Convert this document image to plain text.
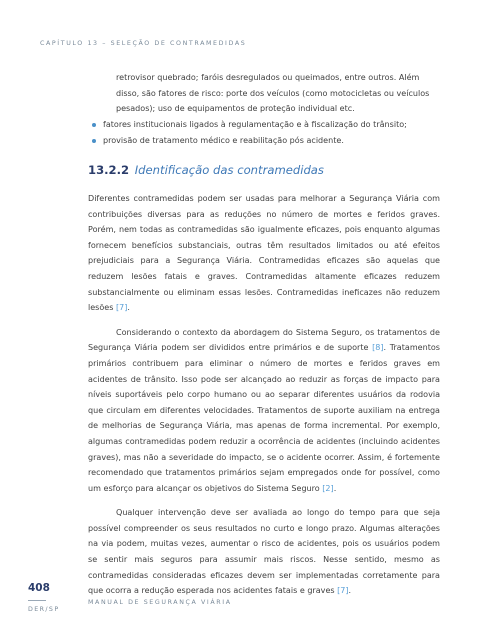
CAPÍTULO 13 – SELEÇÃO DE CONTRAMEDIDAS

retrovisor quebrado; faróis desregulados ou queimados, entre outros. Além disso, são fatores de risco: porte dos veículos (como motocicletas ou veículos pesados); uso de equipamentos de proteção individual etc.

fatores institucionais ligados à regulamentação e à fiscalização do trânsito;

provisão de tratamento médico e reabilitação pós acidente.

13.2.2 Identificação das contramedidas

Diferentes contramedidas podem ser usadas para melhorar a Segurança Viária com contribuições diversas para as reduções no número de mortes e feridos graves. Porém, nem todas as contramedidas são igualmente eficazes, pois enquanto algumas fornecem benefícios substanciais, outras têm resultados limitados ou até efeitos prejudiciais para a Segurança Viária. Contramedidas eficazes são aquelas que reduzem lesões fatais e graves. Contramedidas altamente eficazes reduzem substancialmente ou eliminam essas lesões. Contramedidas ineficazes não reduzem lesões [7].

Considerando o contexto da abordagem do Sistema Seguro, os tratamentos de Segurança Viária podem ser divididos entre primários e de suporte [8]. Tratamentos primários contribuem para eliminar o número de mortes e feridos graves em acidentes de trânsito. Isso pode ser alcançado ao reduzir as forças de impacto para níveis suportáveis pelo corpo humano ou ao separar diferentes usuários da rodovia que circulam em diferentes velocidades. Tratamentos de suporte auxiliam na entrega de melhorias de Segurança Viária, mas apenas de forma incremental. Por exemplo, algumas contramedidas podem reduzir a ocorrência de acidentes (incluindo acidentes graves), mas não a severidade do impacto, se o acidente ocorrer. Assim, é fortemente recomendado que tratamentos primários sejam empregados onde for possível, como um esforço para alcançar os objetivos do Sistema Seguro [2].

Qualquer intervenção deve ser avaliada ao longo do tempo para que seja possível compreender os seus resultados no curto e longo prazo. Algumas alterações na via podem, muitas vezes, aumentar o risco de acidentes, pois os usuários podem se sentir mais seguros para assumir mais riscos. Nesse sentido, mesmo as contramedidas consideradas eficazes devem ser implementadas corretamente para que ocorra a redução esperada nos acidentes fatais e graves [7].

408
MANUAL DE SEGURANÇA VIÁRIA
DER/SP
